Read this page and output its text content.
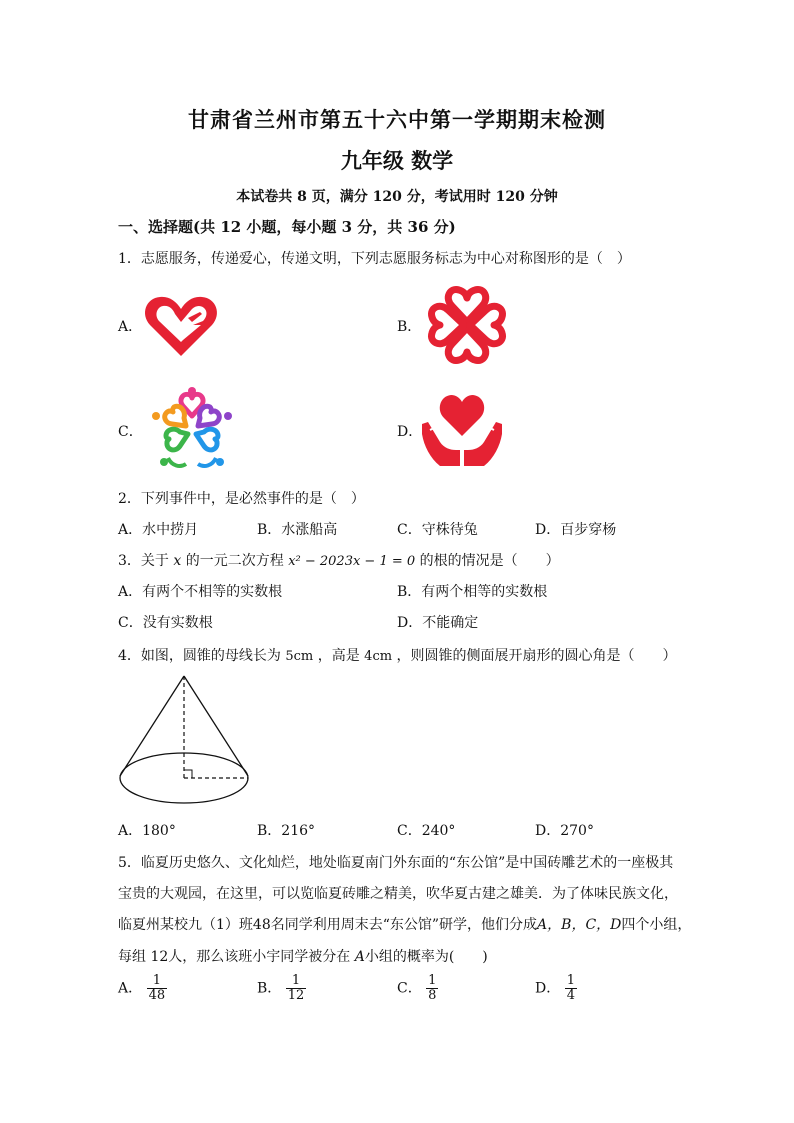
甘肃省兰州市第五十六中第一学期期末检测
九年级 数学
本试卷共 8 页，满分 120 分，考试用时 120 分钟
一、选择题(共 12 小题，每小题 3 分，共 36 分)
1．志愿服务，传递爱心，传递文明，下列志愿服务标志为中心对称图形的是（　）
A．	B．
C．	D．
2．下列事件中，是必然事件的是（　）
A．水中捞月	B．水涨船高	C．守株待兔	D．百步穿杨
3．关于 x 的一元二次方程 x² − 2023x − 1 = 0 的根的情况是（　　）
A．有两个不相等的实数根	B．有两个相等的实数根
C．没有实数根	D．不能确定
4．如图，圆锥的母线长为 5cm ，高是 4cm ，则圆锥的侧面展开扇形的圆心角是（　　）
A．180°	B．216°	C．240°	D．270°
5．临夏历史悠久、文化灿烂，地处临夏南门外东面的“东公馆”是中国砖雕艺术的一座极其
宝贵的大观园，在这里，可以览临夏砖雕之精美，吹华夏古建之雄美．为了体味民族文化，
临夏州某校九（1）班48名同学利用周末去“东公馆”研学，他们分成A，B，C，D四个小组，
每组 12人，那么该班小宇同学被分在 A小组的概率为(　　)
A． $\frac{1}{48}$	B． $\frac{1}{12}$	C． $\frac{1}{8}$	D． $\frac{1}{4}$
